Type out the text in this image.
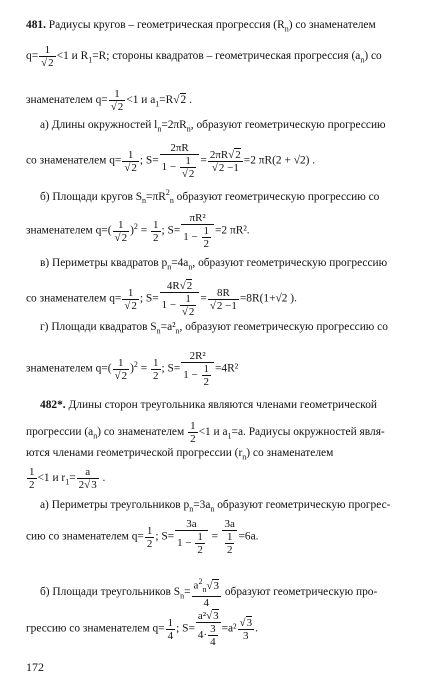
481. Радиусы кругов – геометрическая прогрессия $(R_n)$ со знаменателем
q= 1
√ 2 <1 и $R_1=R$; стороны квадратов – геометрическая прогрессия $(a_n)$ со
знаменателем q= 1
√ 2 <1 и $a_1=R√$ 2 .
а) Длины окружностей $l_n=2\pi R_n$, образуют геометрическую прогрессию
со знаменателем q= 1
√ 2 ; S= 2πR
1 − 1
√ 2 = 2πR√ 2
√ 2 −1 =2 πR(2 + √2) .
б) Площади кругов $S_n=\pi R^2_n$ образуют геометрическую прогрессию со
знаменателем q=( 1
√ 2 )$^2 = \frac{1}{2}$ ; $S= \frac{\text{πR²}}{1 - \frac{1}{2}} =2$ πR².
в) Периметры квадратов $p_n=4a_n$, образуют геометрическую прогрессию
со знаменателем q= 1
√ 2 ; S= 4R√ 2
1 − 1
√ 2 = 8R
√ 2 −1 =8R(1+√2 ).
г) Площади квадратов $S_n=a^2_n$, образуют геометрическую прогрессию со
знаменателем q=( 1
√ 2 )$^2 = \frac{1}{2}$ ; $S= \frac{\text{2R²}}{1 - \frac{1}{2}} =4R^2$
482*. Длины сторон треугольника являются членами геометрической
прогрессии $(a_n)$ со знаменателем $\frac{1}{2} <1$ и $a_1=a$. Радиусы окружностей явля-
ются членами геометрической прогрессии $(r_n)$ со знаменателем
$\frac{1}{2} <1$ и $r_1= \frac{a}{2√ 3}$ .
а) Периметры треугольников $p_n=3a_n$ образуют геометрическую прогрес-
сию со знаменателем $q= \frac{1}{2}$ ; $S= \frac{3a}{1 - \frac{1}{2}} = \frac{3a}{\frac{1}{2}} =6a$.
б) Площади треугольников $S_n= \frac{a^2_n√ 3}{4}$ образуют геометрическую про-
грессию со знаменателем $q= \frac{1}{4}$ ; $S= \frac{\text{a²√ 3}}{4\cdot \frac{3}{4}} =a^2$
√ $\frac{3}{3}$ .
172
